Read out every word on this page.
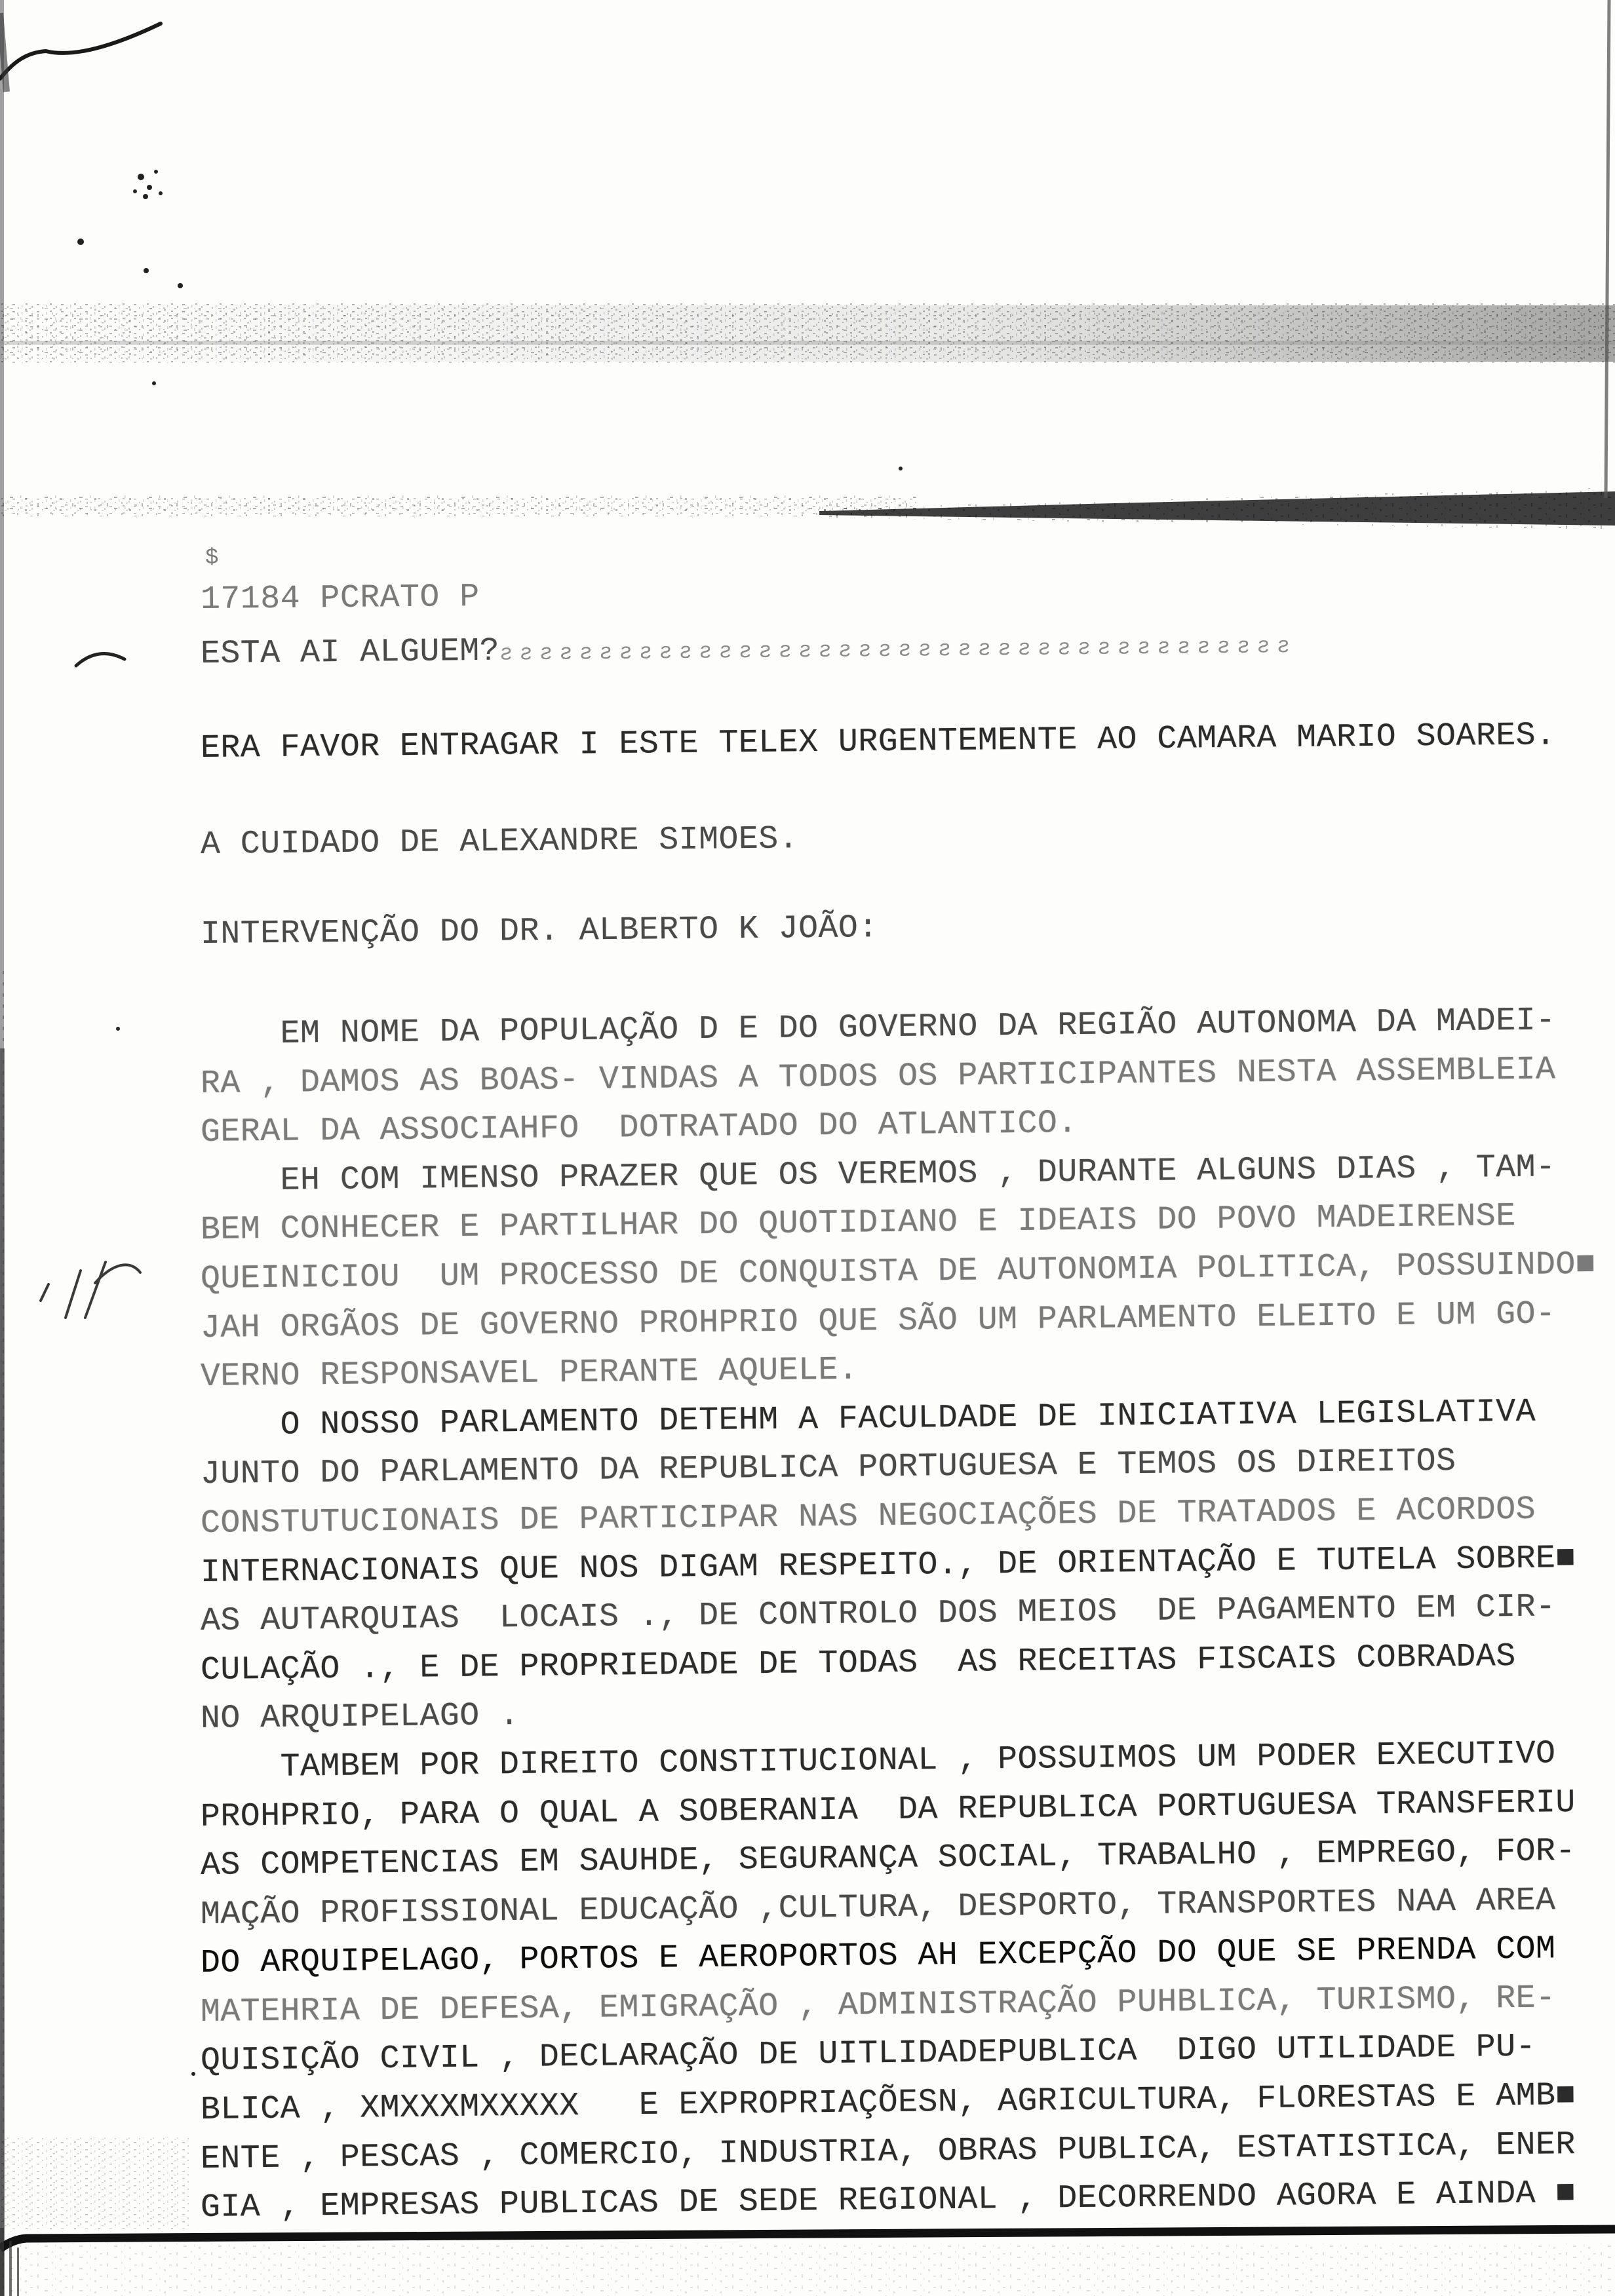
$
17184 PCRATO P
ESTA AI ALGUEM?ƨƨƨƨƨƨƨƨƨƨƨƨƨƨƨƨƨƨƨƨƨƨƨƨƨƨƨƨƨƨƨƨƨƨƨƨƨƨƨƨ
ERA FAVOR ENTRAGAR I ESTE TELEX URGENTEMENTE AO CAMARA MARIO SOARES.
A CUIDADO DE ALEXANDRE SIMOES.
INTERVENÇÃO DO DR. ALBERTO K JOÃO:
EM NOME DA POPULAÇÃO D E DO GOVERNO DA REGIÃO AUTONOMA DA MADEI-
RA , DAMOS AS BOAS- VINDAS A TODOS OS PARTICIPANTES NESTA ASSEMBLEIA
GERAL DA ASSOCIAHFO  DOTRATADO DO ATLANTICO.
EH COM IMENSO PRAZER QUE OS VEREMOS , DURANTE ALGUNS DIAS , TAM-
BEM CONHECER E PARTILHAR DO QUOTIDIANO E IDEAIS DO POVO MADEIRENSE
QUEINICIOU  UM PROCESSO DE CONQUISTA DE AUTONOMIA POLITICA, POSSUINDO■
JAH ORGÃOS DE GOVERNO PROHPRIO QUE SÃO UM PARLAMENTO ELEITO E UM GO-
VERNO RESPONSAVEL PERANTE AQUELE.
O NOSSO PARLAMENTO DETEHM A FACULDADE DE INICIATIVA LEGISLATIVA
JUNTO DO PARLAMENTO DA REPUBLICA PORTUGUESA E TEMOS OS DIREITOS
CONSTUTUCIONAIS DE PARTICIPAR NAS NEGOCIAÇÕES DE TRATADOS E ACORDOS
INTERNACIONAIS QUE NOS DIGAM RESPEITO., DE ORIENTAÇÃO E TUTELA SOBRE■
AS AUTARQUIAS  LOCAIS ., DE CONTROLO DOS MEIOS  DE PAGAMENTO EM CIR-
CULAÇÃO ., E DE PROPRIEDADE DE TODAS  AS RECEITAS FISCAIS COBRADAS
NO ARQUIPELAGO .
TAMBEM POR DIREITO CONSTITUCIONAL , POSSUIMOS UM PODER EXECUTIVO
PROHPRIO, PARA O QUAL A SOBERANIA  DA REPUBLICA PORTUGUESA TRANSFERIU
AS COMPETENCIAS EM SAUHDE, SEGURANÇA SOCIAL, TRABALHO , EMPREGO, FOR-
MAÇÃO PROFISSIONAL EDUCAÇÃO ,CULTURA, DESPORTO, TRANSPORTES NAA AREA
DO ARQUIPELAGO, PORTOS E AEROPORTOS AH EXCEPÇÃO DO QUE SE PRENDA COM
MATEHRIA DE DEFESA, EMIGRAÇÃO , ADMINISTRAÇÃO PUHBLICA, TURISMO, RE-
QUISIÇÃO CIVIL , DECLARAÇÃO DE UITLIDADEPUBLICA  DIGO UTILIDADE PU-
BLICA , XMXXXMXXXXX   E EXPROPRIAÇÕESN, AGRICULTURA, FLORESTAS E AMB■
ENTE , PESCAS , COMERCIO, INDUSTRIA, OBRAS PUBLICA, ESTATISTICA, ENER
GIA , EMPRESAS PUBLICAS DE SEDE REGIONAL , DECORRENDO AGORA E AINDA ■
